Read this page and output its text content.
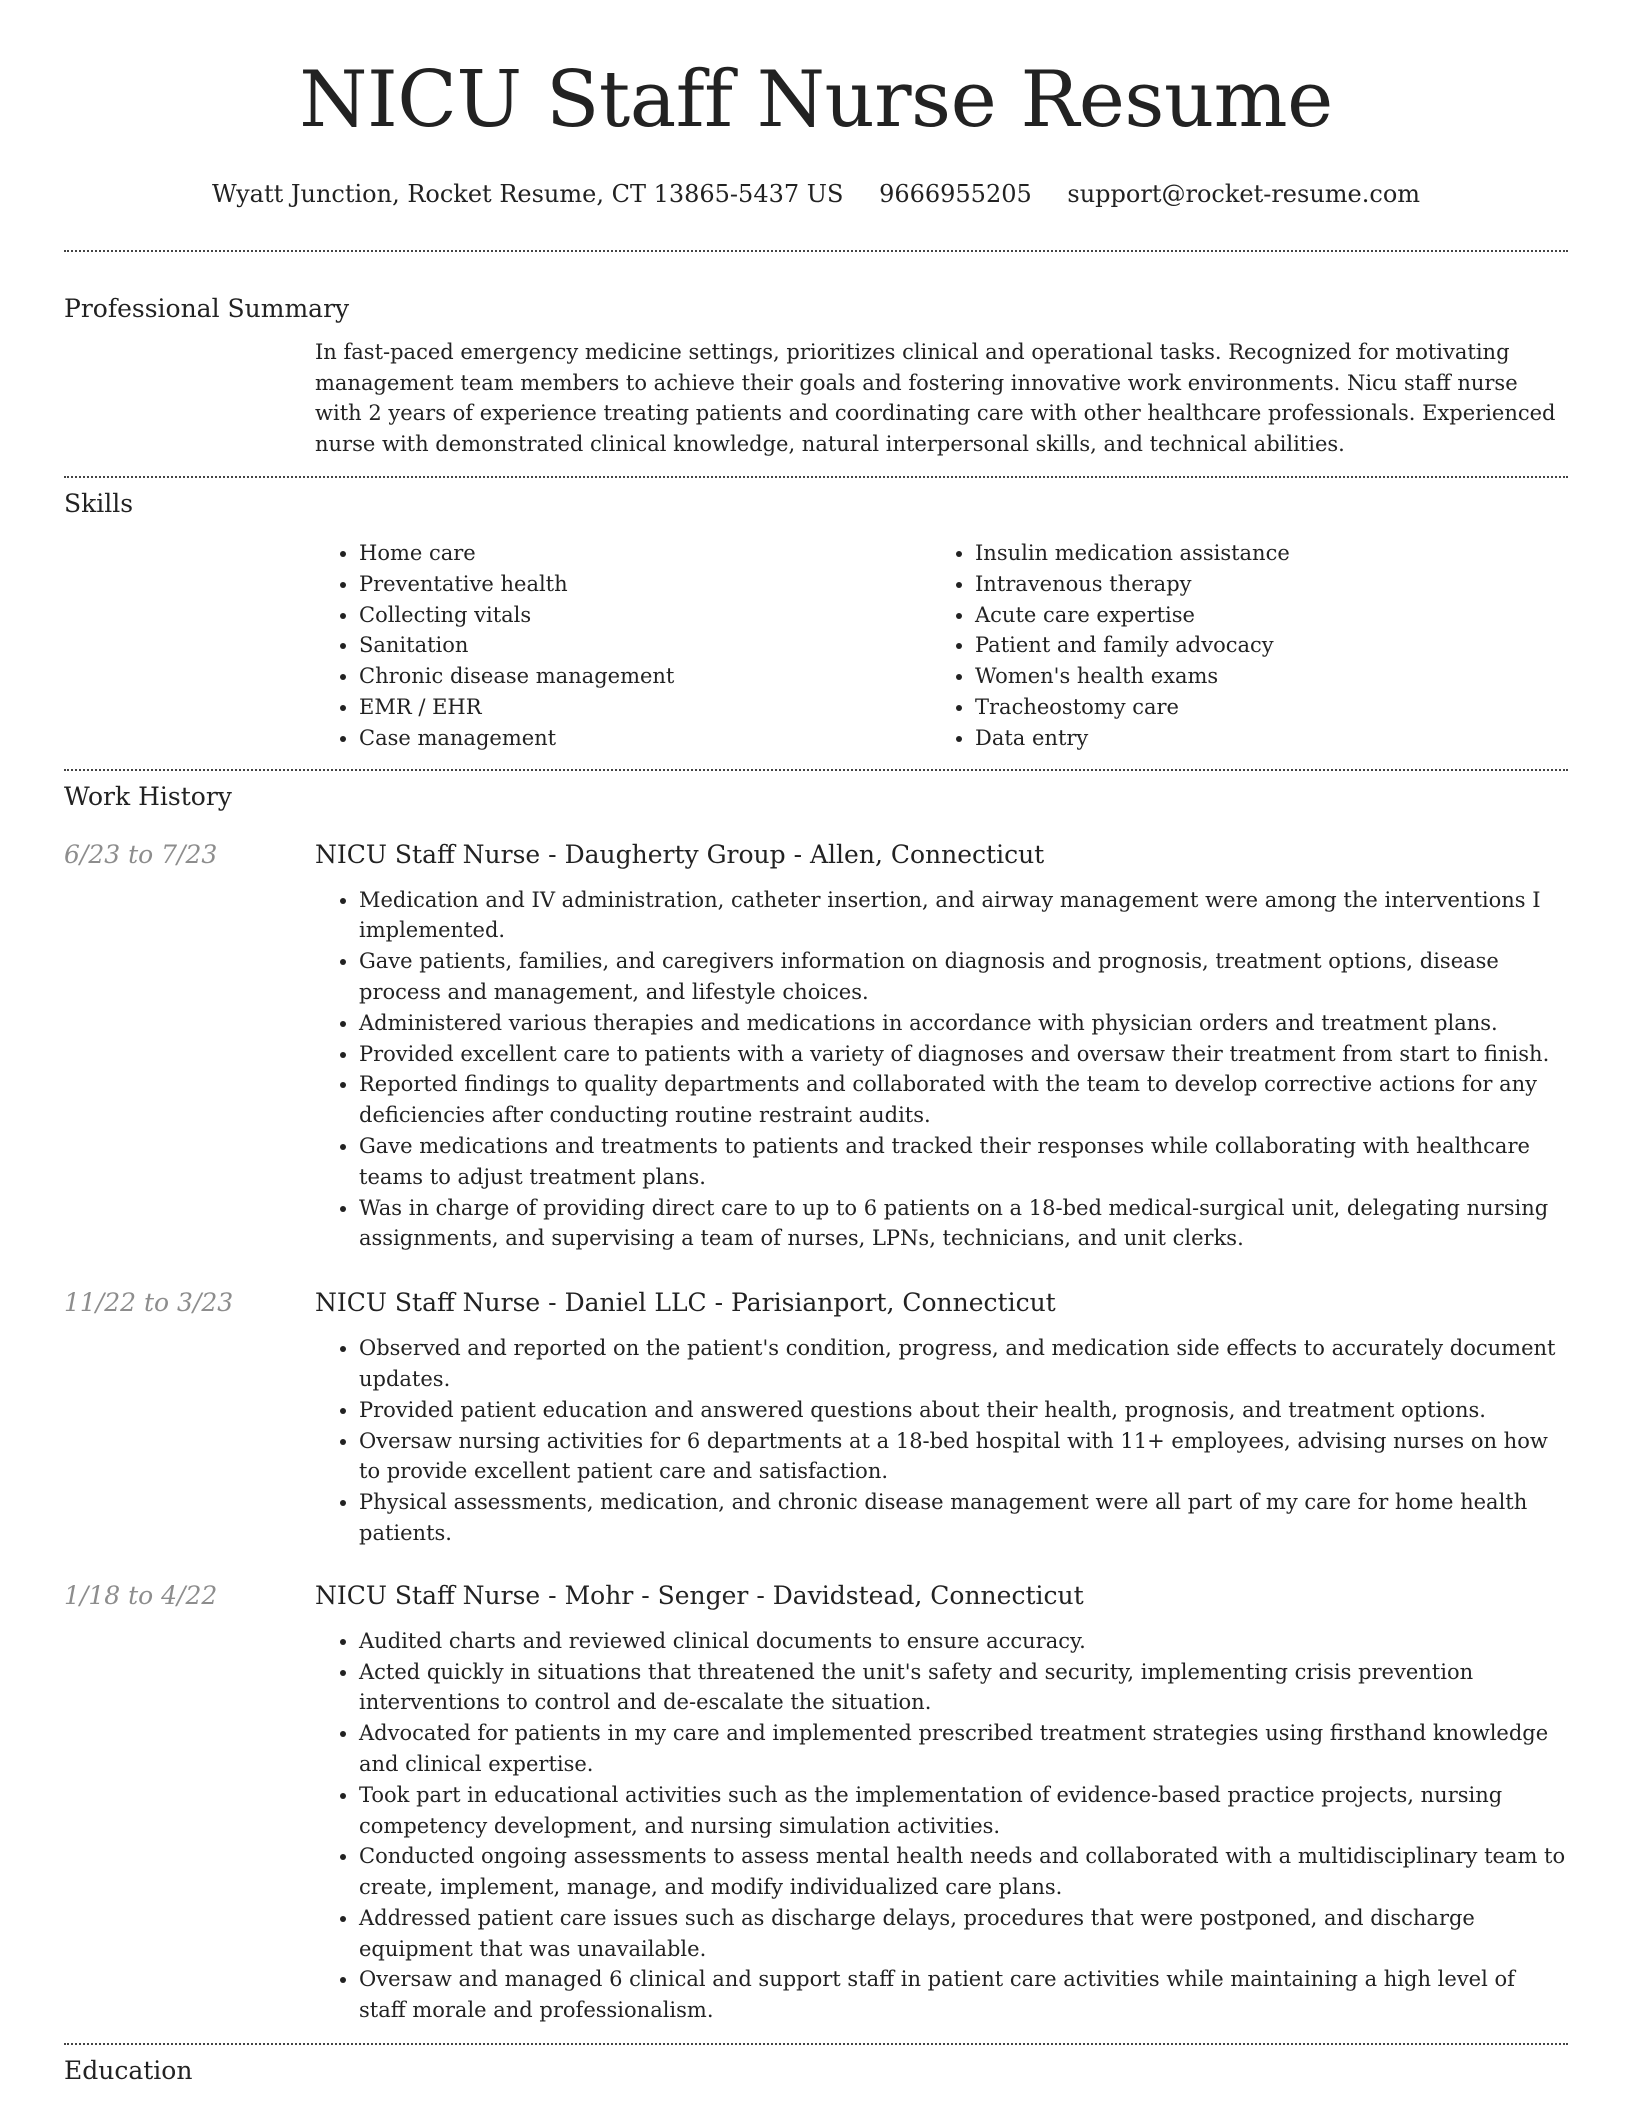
NICU Staff Nurse Resume
Wyatt Junction, Rocket Resume, CT 13865-5437 US 9666955205 support@rocket-resume.com
Professional Summary

In fast-paced emergency medicine settings, prioritizes clinical and operational tasks. Recognized for motivating management team members to achieve their goals and fostering innovative work environments. Nicu staff nurse with 2 years of experience treating patients and coordinating care with other healthcare professionals. Experienced nurse with demonstrated clinical knowledge, natural interpersonal skills, and technical abilities.

Skills
• Home care
• Preventative health
• Collecting vitals
• Sanitation
• Chronic disease management
• EMR / EHR
• Case management
• Insulin medication assistance
• Intravenous therapy
• Acute care expertise
• Patient and family advocacy
• Women's health exams
• Tracheostomy care
• Data entry
Work History
6/23 to 7/23	NICU Staff Nurse - Daugherty Group - Allen, Connecticut
• Medication and IV administration, catheter insertion, and airway management were among the interventions I implemented.
• Gave patients, families, and caregivers information on diagnosis and prognosis, treatment options, disease process and management, and lifestyle choices.
• Administered various therapies and medications in accordance with physician orders and treatment plans.
• Provided excellent care to patients with a variety of diagnoses and oversaw their treatment from start to finish.
• Reported findings to quality departments and collaborated with the team to develop corrective actions for any deficiencies after conducting routine restraint audits.
• Gave medications and treatments to patients and tracked their responses while collaborating with healthcare teams to adjust treatment plans.
• Was in charge of providing direct care to up to 6 patients on a 18-bed medical-surgical unit, delegating nursing assignments, and supervising a team of nurses, LPNs, technicians, and unit clerks.
11/22 to 3/23	NICU Staff Nurse - Daniel LLC - Parisianport, Connecticut
• Observed and reported on the patient's condition, progress, and medication side effects to accurately document updates.
• Provided patient education and answered questions about their health, prognosis, and treatment options.
• Oversaw nursing activities for 6 departments at a 18-bed hospital with 11+ employees, advising nurses on how to provide excellent patient care and satisfaction.
• Physical assessments, medication, and chronic disease management were all part of my care for home health patients.
1/18 to 4/22	NICU Staff Nurse - Mohr - Senger - Davidstead, Connecticut
• Audited charts and reviewed clinical documents to ensure accuracy.
• Acted quickly in situations that threatened the unit's safety and security, implementing crisis prevention interventions to control and de-escalate the situation.
• Advocated for patients in my care and implemented prescribed treatment strategies using firsthand knowledge and clinical expertise.
• Took part in educational activities such as the implementation of evidence-based practice projects, nursing competency development, and nursing simulation activities.
• Conducted ongoing assessments to assess mental health needs and collaborated with a multidisciplinary team to create, implement, manage, and modify individualized care plans.
• Addressed patient care issues such as discharge delays, procedures that were postponed, and discharge equipment that was unavailable.
• Oversaw and managed 6 clinical and support staff in patient care activities while maintaining a high level of staff morale and professionalism.
Education
